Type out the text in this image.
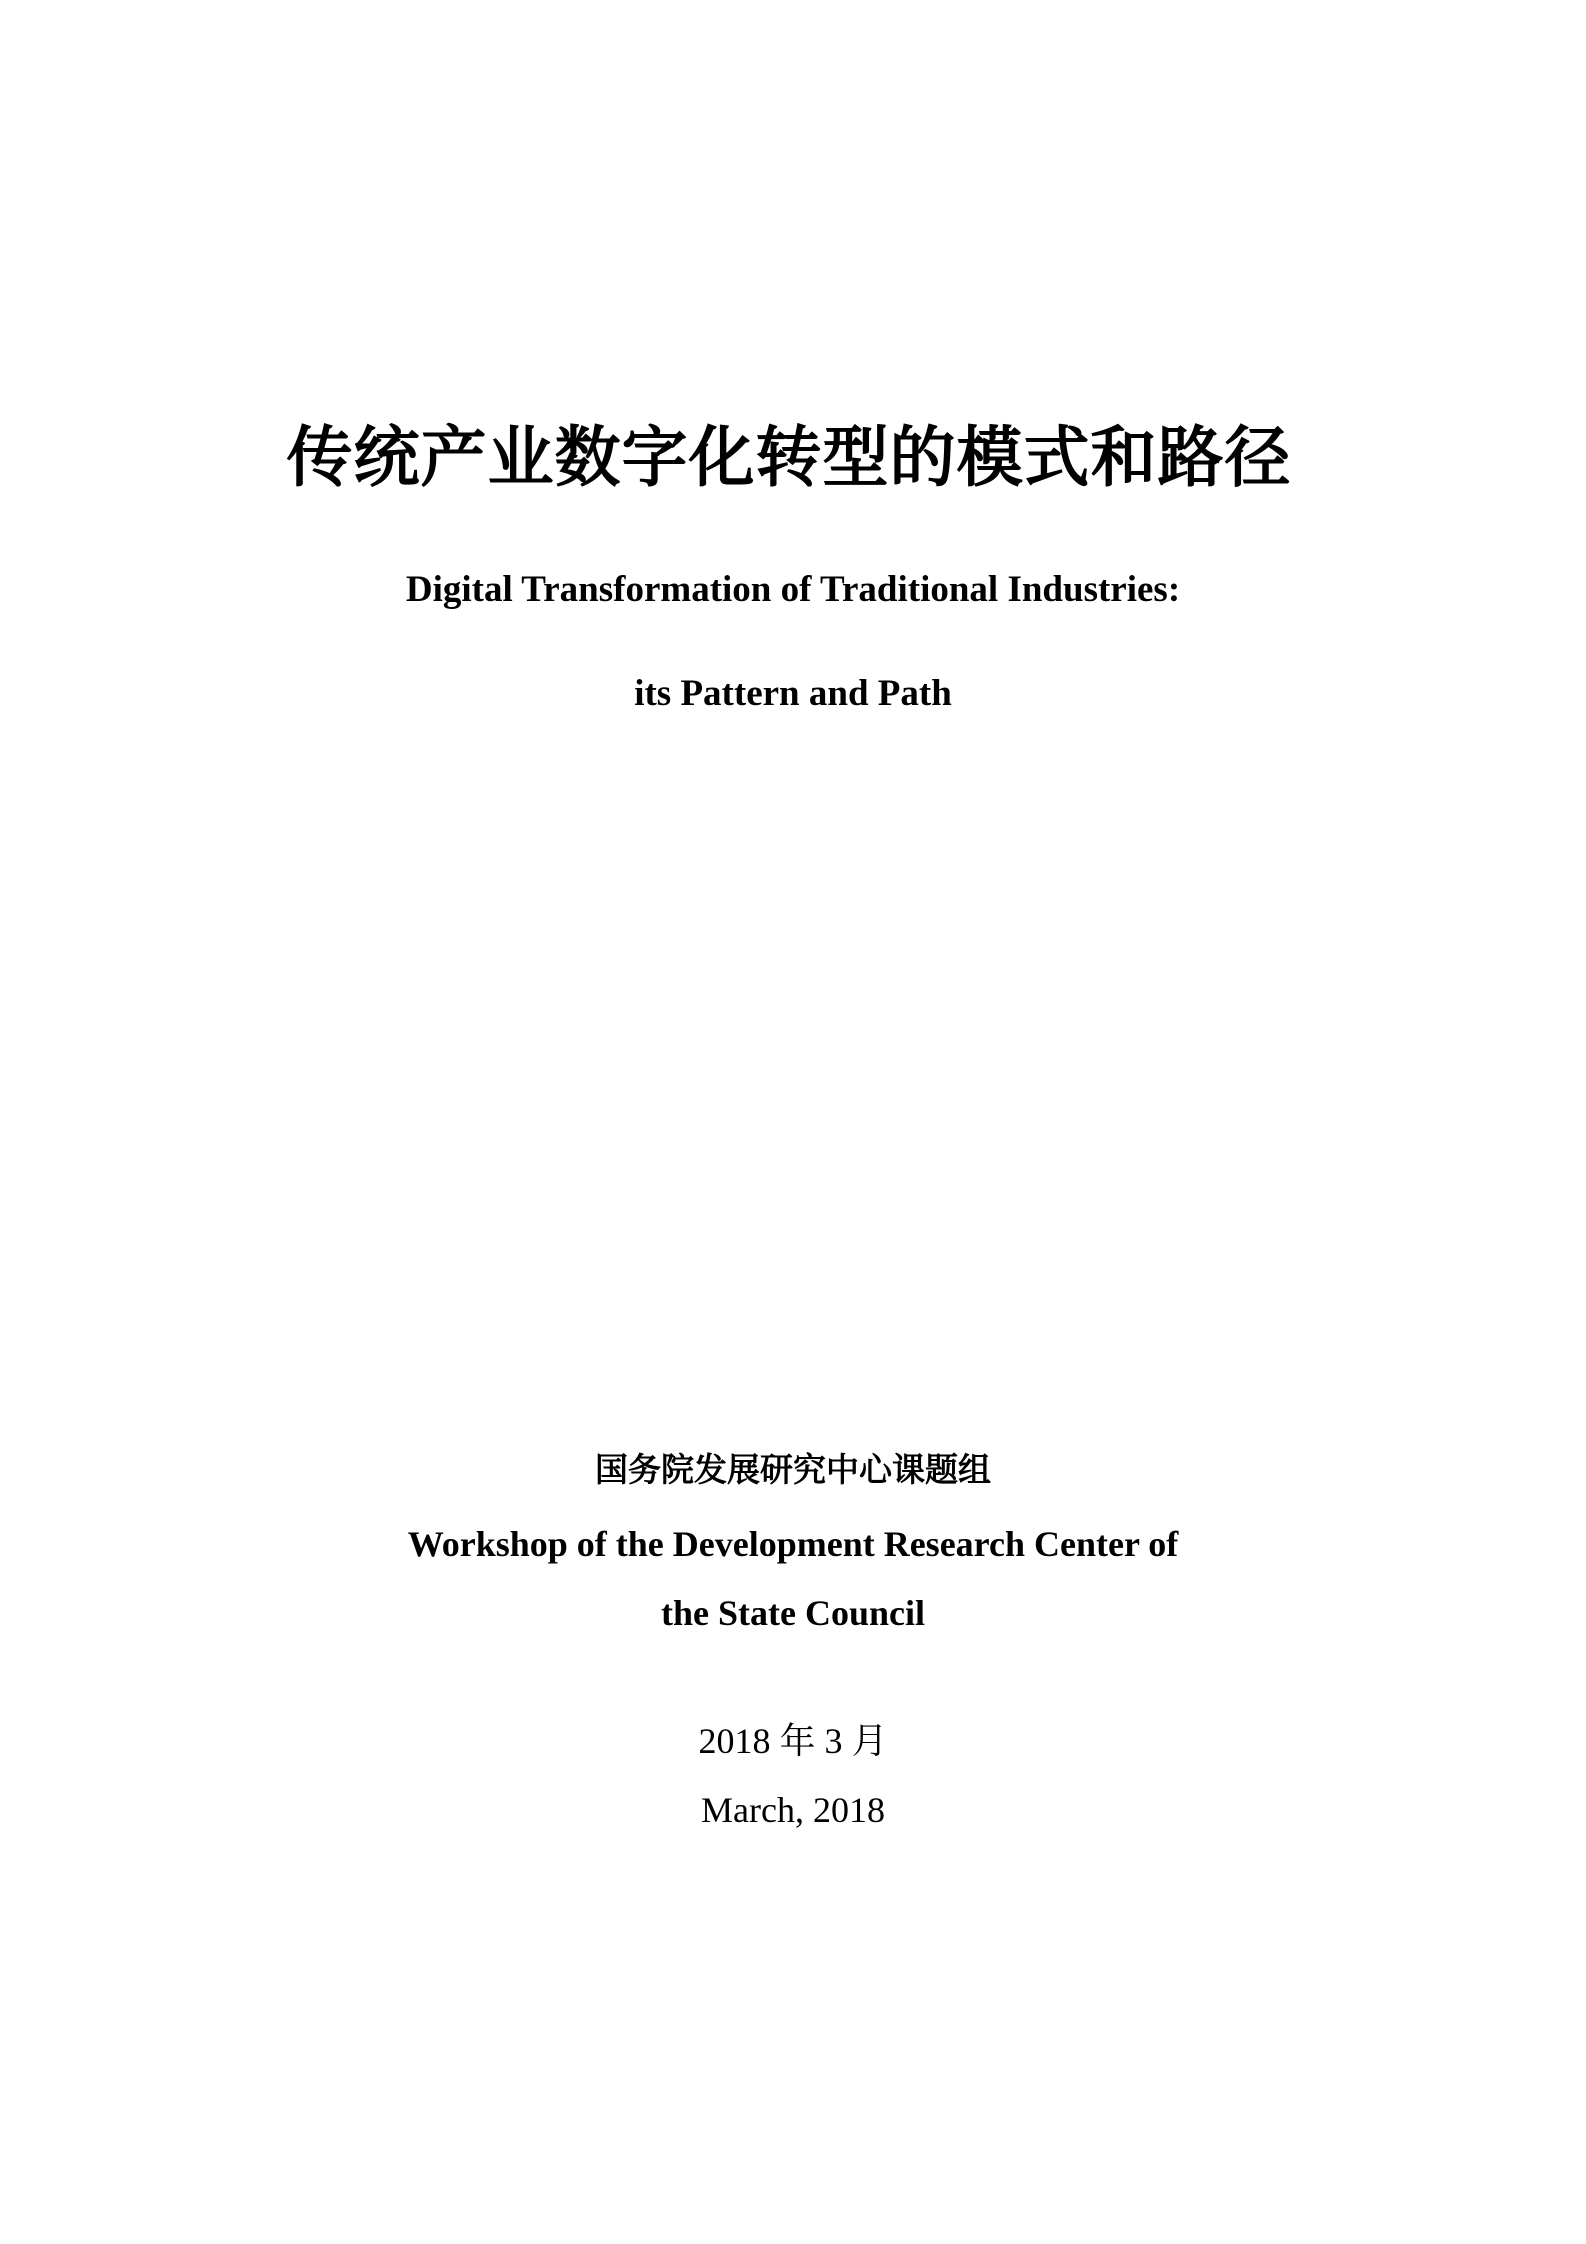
传统产业数字化转型的模式和路径
Digital Transformation of Traditional Industries:
its Pattern and Path

国务院发展研究中心课题组

Workshop of the Development Research Center of

the State Council

2018 年 3 月

March, 2018
